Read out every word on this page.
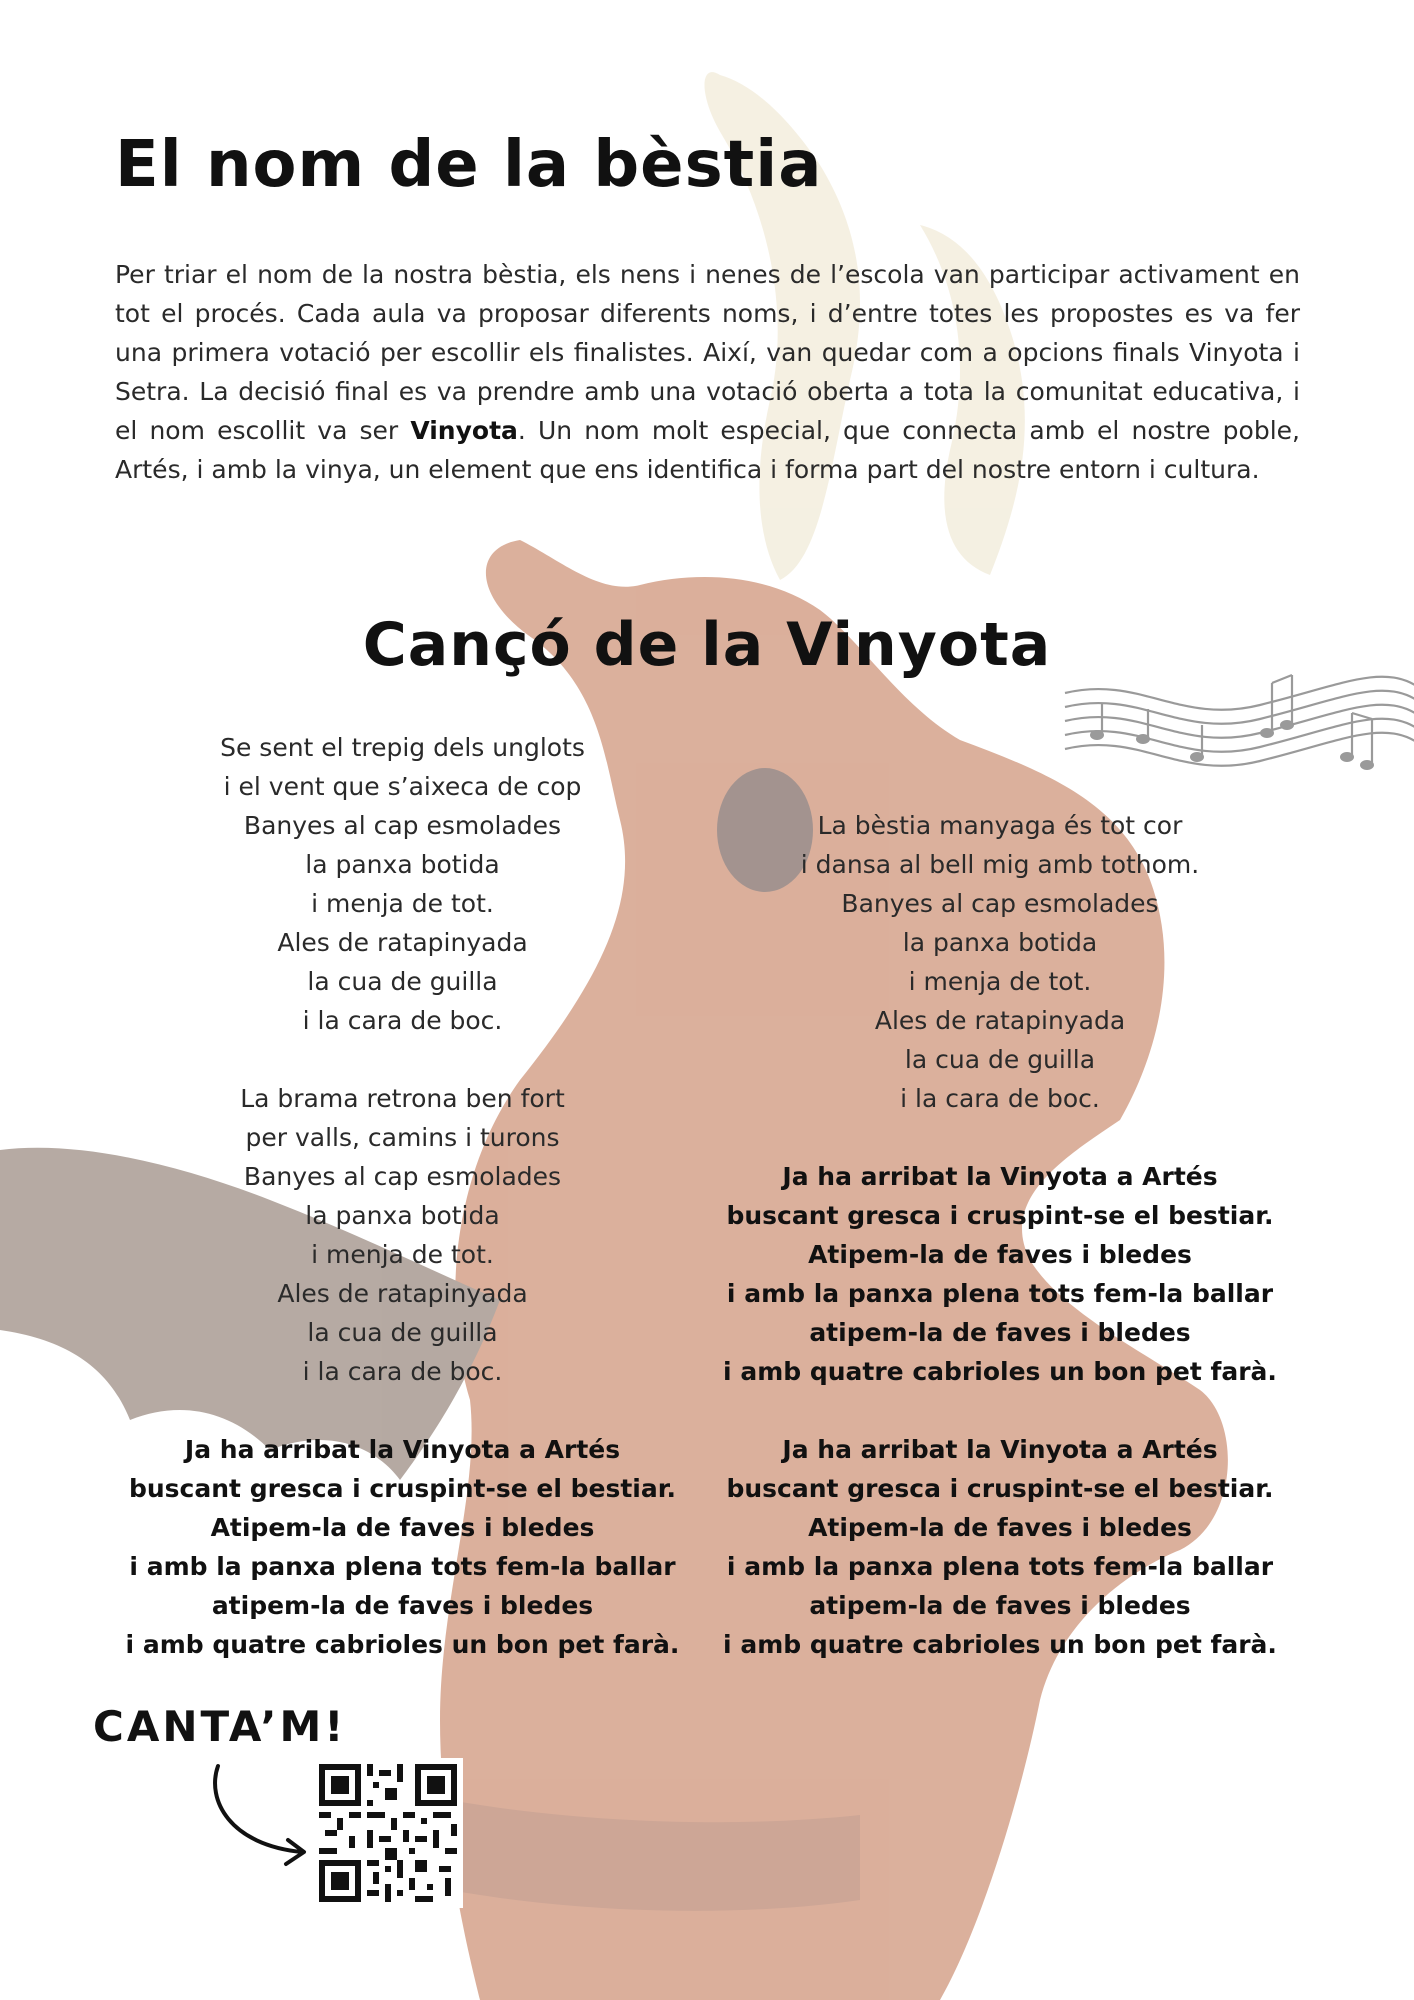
El nom de la bèstia

Per triar el nom de la nostra bèstia, els nens i nenes de l’escola van participar activament en tot el procés. Cada aula va proposar diferents noms, i d’entre totes les propostes es va fer una primera votació per escollir els finalistes. Així, van quedar com a opcions finals Vinyota i Setra. La decisió final es va prendre amb una votació oberta a tota la comunitat educativa, i el nom escollit va ser Vinyota. Un nom molt especial, que connecta amb el nostre poble, Artés, i amb la vinya, un element que ens identifica i forma part del nostre entorn i cultura.

Cançó de la Vinyota

Se sent el trepig dels unglots

i el vent que s’aixeca de cop

Banyes al cap esmolades

la panxa botida

i menja de tot.

Ales de ratapinyada

la cua de guilla

i la cara de boc.

La brama retrona ben fort

per valls, camins i turons

Banyes al cap esmolades

la panxa botida

i menja de tot.

Ales de ratapinyada

la cua de guilla

i la cara de boc.

Ja ha arribat la Vinyota a Artés

buscant gresca i cruspint-se el bestiar.

Atipem-la de faves i bledes

i amb la panxa plena tots fem-la ballar

atipem-la de faves i bledes

i amb quatre cabrioles un bon pet farà.

La bèstia manyaga és tot cor

i dansa al bell mig amb tothom.

Banyes al cap esmolades

la panxa botida

i menja de tot.

Ales de ratapinyada

la cua de guilla

i la cara de boc.

Ja ha arribat la Vinyota a Artés

buscant gresca i cruspint-se el bestiar.

Atipem-la de faves i bledes

i amb la panxa plena tots fem-la ballar

atipem-la de faves i bledes

i amb quatre cabrioles un bon pet farà.

Ja ha arribat la Vinyota a Artés

buscant gresca i cruspint-se el bestiar.

Atipem-la de faves i bledes

i amb la panxa plena tots fem-la ballar

atipem-la de faves i bledes

i amb quatre cabrioles un bon pet farà.

CANTA’M!
